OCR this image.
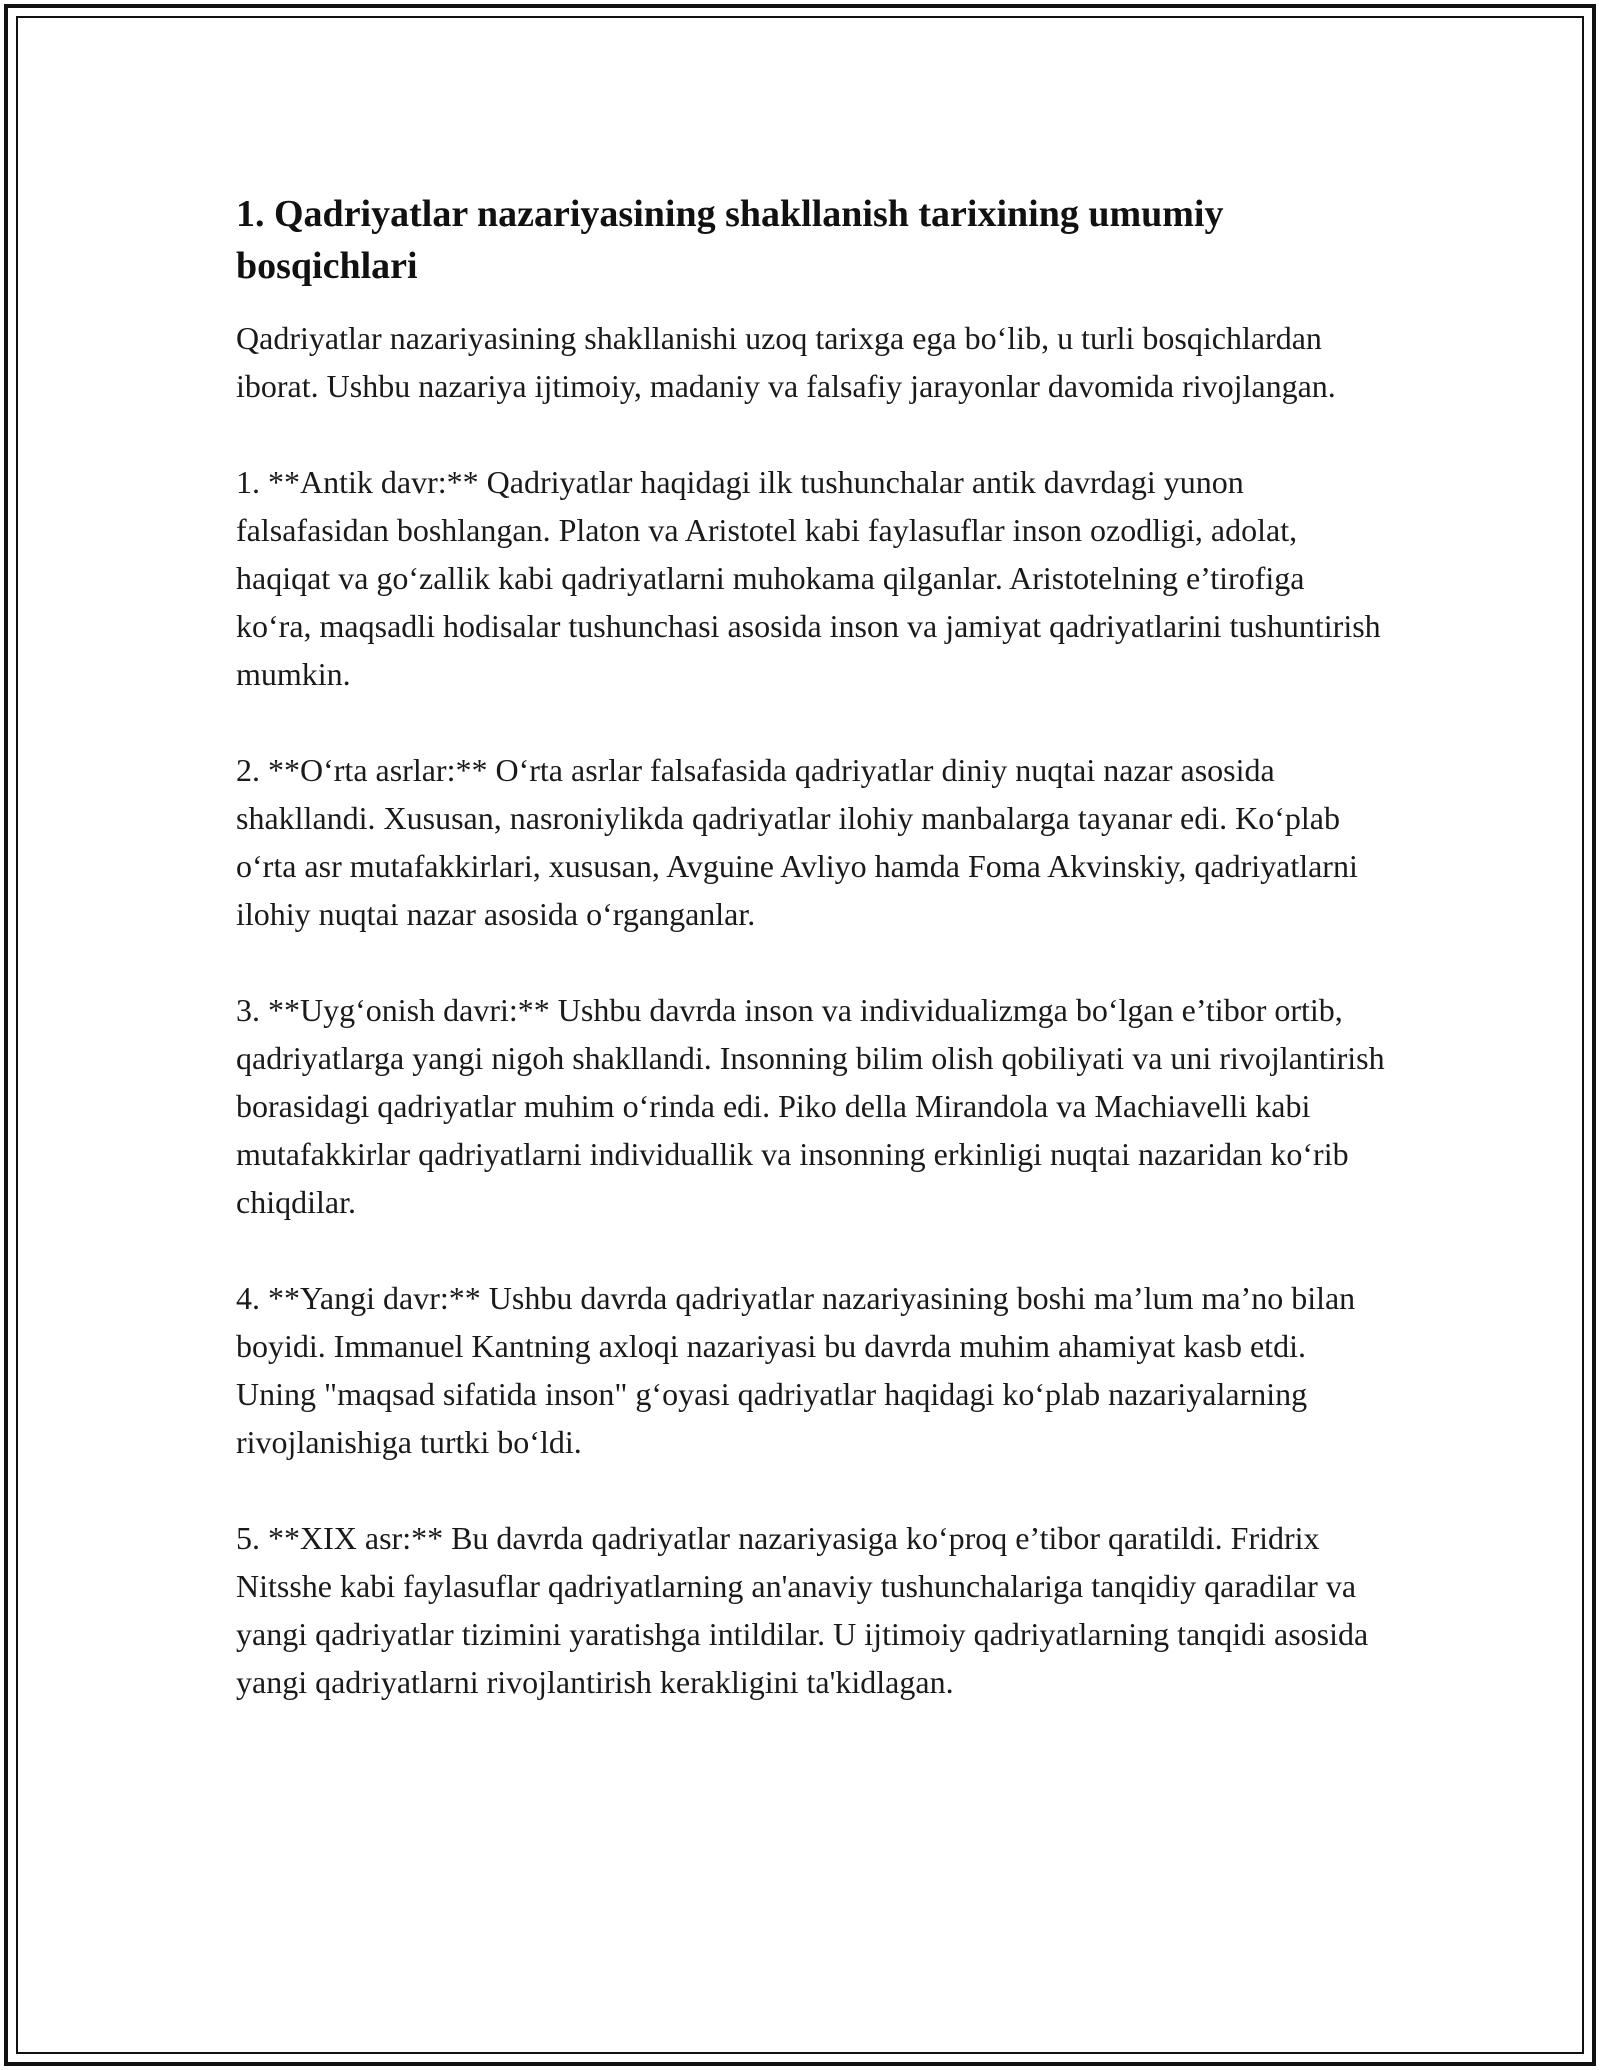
1. Qadriyatlar nazariyasining shakllanish tarixining umumiy bosqichlari

Qadriyatlar nazariyasining shakllanishi uzoq tarixga ega bo‘lib, u turli bosqichlardan iborat. Ushbu nazariya ijtimoiy, madaniy va falsafiy jarayonlar davomida rivojlangan.

1. **Antik davr:** Qadriyatlar haqidagi ilk tushunchalar antik davrdagi yunon falsafasidan boshlangan. Platon va Aristotel kabi faylasuflar inson ozodligi, adolat, haqiqat va go‘zallik kabi qadriyatlarni muhokama qilganlar. Aristotelning e’tirofiga ko‘ra, maqsadli hodisalar tushunchasi asosida inson va jamiyat qadriyatlarini tushuntirish mumkin.

2. **O‘rta asrlar:** O‘rta asrlar falsafasida qadriyatlar diniy nuqtai nazar asosida shakllandi. Xususan, nasroniylikda qadriyatlar ilohiy manbalarga tayanar edi. Ko‘plab o‘rta asr mutafakkirlari, xususan, Avguine Avliyo hamda Foma Akvinskiy, qadriyatlarni ilohiy nuqtai nazar asosida o‘rganganlar.

3. **Uyg‘onish davri:** Ushbu davrda inson va individualizmga bo‘lgan e’tibor ortib, qadriyatlarga yangi nigoh shakllandi. Insonning bilim olish qobiliyati va uni rivojlantirish borasidagi qadriyatlar muhim o‘rinda edi. Piko della Mirandola va Machiavelli kabi mutafakkirlar qadriyatlarni individuallik va insonning erkinligi nuqtai nazaridan ko‘rib chiqdilar.

4. **Yangi davr:** Ushbu davrda qadriyatlar nazariyasining boshi ma’lum ma’no bilan boyidi. Immanuel Kantning axloqi nazariyasi bu davrda muhim ahamiyat kasb etdi. Uning "maqsad sifatida inson" g‘oyasi qadriyatlar haqidagi ko‘plab nazariyalarning rivojlanishiga turtki bo‘ldi.

5. **XIX asr:** Bu davrda qadriyatlar nazariyasiga ko‘proq e’tibor qaratildi. Fridrix Nitsshe kabi faylasuflar qadriyatlarning an'anaviy tushunchalariga tanqidiy qaradilar va yangi qadriyatlar tizimini yaratishga intildilar. U ijtimoiy qadriyatlarning tanqidi asosida yangi qadriyatlarni rivojlantirish kerakligini ta'kidlagan.
